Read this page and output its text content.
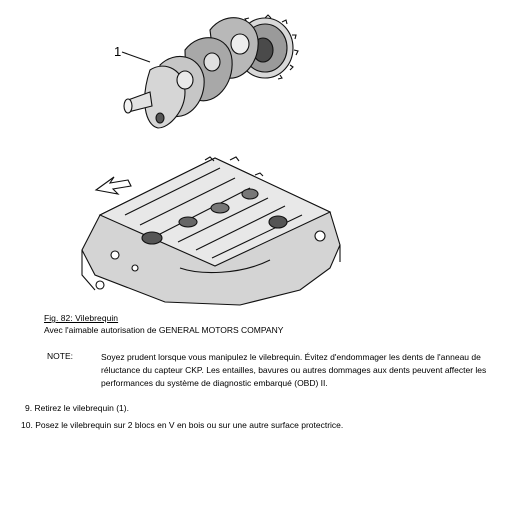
1
Fig. 82: Vilebrequin
Avec l'aimable autorisation de GENERAL MOTORS COMPANY
NOTE:	Soyez prudent lorsque vous manipulez le vilebrequin. Évitez d'endommager les dents de l'anneau de réluctance du capteur CKP. Les entailles, bavures ou autres dommages aux dents peuvent affecter les performances du système de diagnostic embarqué (OBD) II.
9. Retirez le vilebrequin (1).
10. Posez le vilebrequin sur 2 blocs en V en bois ou sur une autre surface protectrice.
